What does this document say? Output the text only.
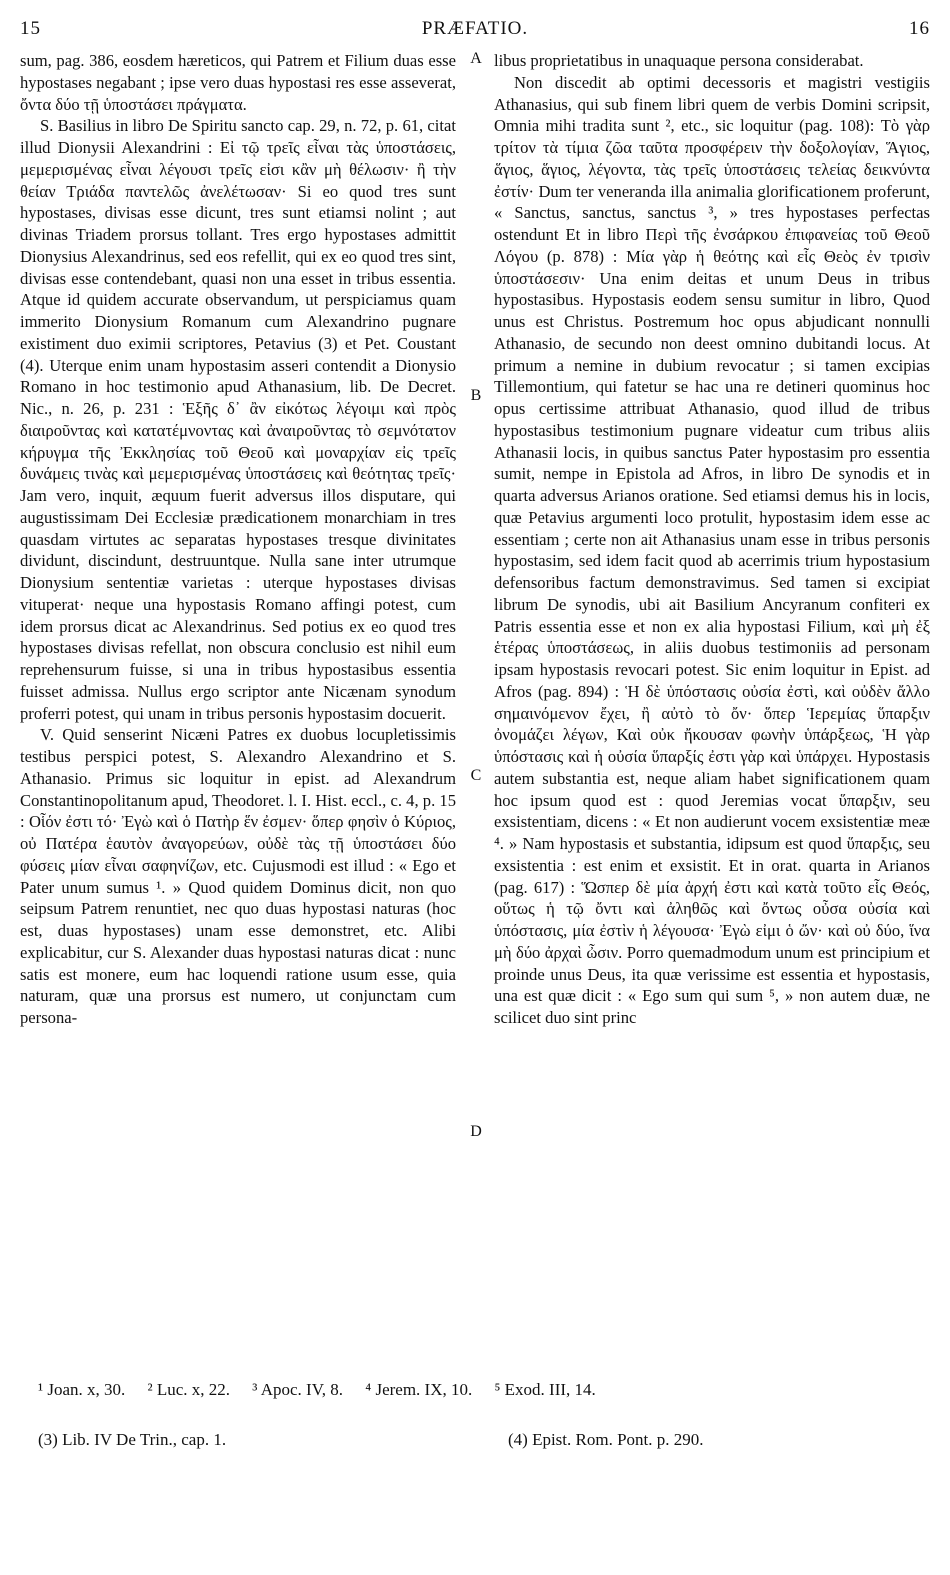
15	PRÆFATIO.	16

sum, pag. 386, eosdem hæreticos, qui Patrem et Filium duas esse hypostases negabant ; ipse vero duas hypostasi res esse asseverat, ὄντα δύο τῇ ὑποστάσει πράγματα.

S. Basilius in libro De Spiritu sancto cap. 29, n. 72, p. 61, citat illud Dionysii Alexandrini : Εἰ τῷ τρεῖς εἶναι τὰς ὑποστάσεις, μεμερισμένας εἶναι λέγουσι τρεῖς εἰσι κἂν μὴ θέλωσιν· ἢ τὴν θείαν Τριάδα παντελῶς ἀνελέτωσαν· Si eo quod tres sunt hypostases, divisas esse dicunt, tres sunt etiamsi nolint ; aut divinas Triadem prorsus tollant. Tres ergo hypostases admittit Dionysius Alexandrinus, sed eos refellit, qui ex eo quod tres sint, divisas esse contendebant, quasi non una esset in tribus essentia. Atque id quidem accurate observandum, ut perspiciamus quam immerito Dionysium Romanum cum Alexandrino pugnare existiment duo eximii scriptores, Petavius (3) et Pet. Coustant (4). Uterque enim unam hypostasim asseri contendit a Dionysio Romano in hoc testimonio apud Athanasium, lib. De Decret. Nic., n. 26, p. 231 : Ἑξῆς δ᾽ ἂν εἰκότως λέγοιμι καὶ πρὸς διαιροῦντας καὶ κατατέμνοντας καὶ ἀναιροῦντας τὸ σεμνότατον κήρυγμα τῆς Ἐκκλησίας τοῦ Θεοῦ καὶ μοναρχίαν εἰς τρεῖς δυνάμεις τινὰς καὶ μεμερισμένας ὑποστάσεις καὶ θεότητας τρεῖς· Jam vero, inquit, æquum fuerit adversus illos disputare, qui augustissimam Dei Ecclesiæ prædicationem monarchiam in tres quasdam virtutes ac separatas hypostases tresque divinitates dividunt, discindunt, destruuntque. Nulla sane inter utrumque Dionysium sententiæ varietas : uterque hypostases divisas vituperat· neque una hypostasis Romano affingi potest, cum idem prorsus dicat ac Alexandrinus. Sed potius ex eo quod tres hypostases divisas refellat, non obscura conclusio est nihil eum reprehensurum fuisse, si una in tribus hypostasibus essentia fuisset admissa. Nullus ergo scriptor ante Nicænam synodum proferri potest, qui unam in tribus personis hypostasim docuerit.

V. Quid senserint Nicæni Patres ex duobus locupletissimis testibus perspici potest, S. Alexandro Alexandrino et S. Athanasio. Primus sic loquitur in epist. ad Alexandrum Constantinopolitanum apud, Theodoret. l. I. Hist. eccl., c. 4, p. 15 : Οἷόν ἐστι τό· Ἐγὼ καὶ ὁ Πατὴρ ἕν ἐσμεν· ὅπερ φησὶν ὁ Κύριος, οὐ Πατέρα ἑαυτὸν ἀναγορεύων, οὐδὲ τὰς τῇ ὑποστάσει δύο φύσεις μίαν εἶναι σαφηνίζων, etc. Cujusmodi est illud : « Ego et Pater unum sumus ¹. » Quod quidem Dominus dicit, non quo seipsum Patrem renuntiet, nec quo duas hypostasi naturas (hoc est, duas hypostases) unam esse demonstret, etc. Alibi explicabitur, cur S. Alexander duas hypostasi naturas dicat : nunc satis est monere, eum hac loquendi ratione usum esse, quia naturam, quæ una prorsus est numero, ut conjunctam cum persona-

A
B
C
D

libus proprietatibus in unaquaque persona considerabat.

Non discedit ab optimi decessoris et magistri vestigiis Athanasius, qui sub finem libri quem de verbis Domini scripsit, Omnia mihi tradita sunt ², etc., sic loquitur (pag. 108): Τὸ γὰρ τρίτον τὰ τίμια ζῶα ταῦτα προσφέρειν τὴν δοξολογίαν, Ἅγιος, ἅγιος, ἅγιος, λέγοντα, τὰς τρεῖς ὑποστάσεις τελείας δεικνύντα ἐστίν· Dum ter veneranda illa animalia glorificationem proferunt, « Sanctus, sanctus, sanctus ³, » tres hypostases perfectas ostendunt Et in libro Περὶ τῆς ἐνσάρκου ἐπιφανείας τοῦ Θεοῦ Λόγου (p. 878) : Μία γὰρ ἡ θεότης καὶ εἷς Θεὸς ἐν τρισὶν ὑποστάσεσιν· Una enim deitas et unum Deus in tribus hypostasibus. Hypostasis eodem sensu sumitur in libro, Quod unus est Christus. Postremum hoc opus abjudicant nonnulli Athanasio, de secundo non deest omnino dubitandi locus. At primum a nemine in dubium revocatur ; si tamen excipias Tillemontium, qui fatetur se hac una re detineri quominus hoc opus certissime attribuat Athanasio, quod illud de tribus hypostasibus testimonium pugnare videatur cum tribus aliis Athanasii locis, in quibus sanctus Pater hypostasim pro essentia sumit, nempe in Epistola ad Afros, in libro De synodis et in quarta adversus Arianos oratione. Sed etiamsi demus his in locis, quæ Petavius argumenti loco protulit, hypostasim idem esse ac essentiam ; certe non ait Athanasius unam esse in tribus personis hypostasim, sed idem facit quod ab acerrimis trium hypostasium defensoribus factum demonstravimus. Sed tamen si excipiat librum De synodis, ubi ait Basilium Ancyranum confiteri ex Patris essentia esse et non ex alia hypostasi Filium, καὶ μὴ ἐξ ἑτέρας ὑποστάσεως, in aliis duobus testimoniis ad personam ipsam hypostasis revocari potest. Sic enim loquitur in Epist. ad Afros (pag. 894) : Ἡ δὲ ὑπόστασις οὐσία ἐστὶ, καὶ οὐδὲν ἄλλο σημαινόμενον ἔχει, ἢ αὐτὸ τὸ ὄν· ὅπερ Ἱερεμίας ὕπαρξιν ὀνομάζει λέγων, Καὶ οὐκ ἤκουσαν φωνὴν ὑπάρξεως, Ἡ γὰρ ὑπόστασις καὶ ἡ οὐσία ὕπαρξίς ἐστι γὰρ καὶ ὑπάρχει. Hypostasis autem substantia est, neque aliam habet significationem quam hoc ipsum quod est : quod Jeremias vocat ὕπαρξιν, seu exsistentiam, dicens : « Et non audierunt vocem exsistentiæ meæ ⁴. » Nam hypostasis et substantia, idipsum est quod ὕπαρξις, seu exsistentia : est enim et exsistit. Et in orat. quarta in Arianos (pag. 617) : Ὥσπερ δὲ μία ἀρχή ἐστι καὶ κατὰ τοῦτο εἷς Θεός, οὕτως ἡ τῷ ὄντι καὶ ἀληθῶς καὶ ὄντως οὖσα οὐσία καὶ ὑπόστασις, μία ἐστὶν ἡ λέγουσα· Ἐγὼ εἰμι ὁ ὤν· καὶ οὐ δύο, ἵνα μὴ δύο ἀρχαὶ ὦσιν. Porro quemadmodum unum est principium et proinde unus Deus, ita quæ verissime est essentia et hypostasis, una est quæ dicit : « Ego sum qui sum ⁵, » non autem duæ, ne scilicet duo sint princ

¹ Joan. x, 30. ² Luc. x, 22. ³ Apoc. IV, 8. ⁴ Jerem. IX, 10. ⁵ Exod. III, 14.
(3) Lib. IV De Trin., cap. 1.	(4) Epist. Rom. Pont. p. 290.
